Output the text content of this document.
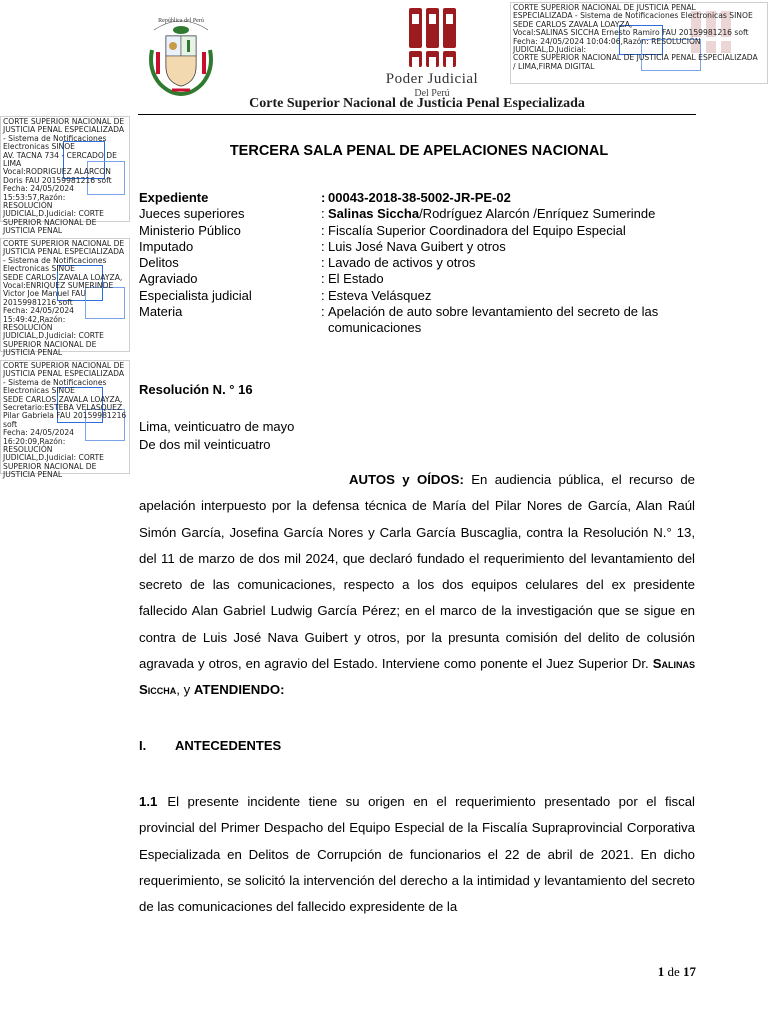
República del Perú
Poder Judicial
Del Perú
CORTE SUPERIOR NACIONAL DE JUSTICIA PENAL
ESPECIALIZADA - Sistema de Notificaciones Electronicas SINOE
SEDE CARLOS ZAVALA LOAYZA,
Vocal:SALINAS SICCHA Ernesto Ramiro FAU 20159981216 soft
Fecha: 24/05/2024 10:04:06,Razón: RESOLUCIÓN JUDICIAL,D.Judicial:
CORTE SUPERIOR NACIONAL DE JUSTICIA PENAL ESPECIALIZADA
/ LIMA,FIRMA DIGITAL
Corte Superior Nacional de Justicia Penal Especializada
CORTE SUPERIOR NACIONAL DE
JUSTICIA PENAL ESPECIALIZADA
- Sistema de Notificaciones
Electronicas SINOE
AV. TACNA 734 - CERCADO DE
LIMA
Vocal:RODRIGUEZ ALARCON
Doris FAU 20159981216 soft
Fecha: 24/05/2024 15:53:57,Razón:
RESOLUCIÓN
JUDICIAL,D.Judicial: CORTE
SUPERIOR NACIONAL DE
JUSTICIA PENAL
CORTE SUPERIOR NACIONAL DE
JUSTICIA PENAL ESPECIALIZADA
- Sistema de Notificaciones
Electronicas SINOE
SEDE CARLOS ZAVALA LOAYZA,
Vocal:ENRIQUEZ SUMERINDE
Victor Joe Manuel FAU
20159981216 soft
Fecha: 24/05/2024 15:49:42,Razón:
RESOLUCIÓN
JUDICIAL,D.Judicial: CORTE
SUPERIOR NACIONAL DE
JUSTICIA PENAL
CORTE SUPERIOR NACIONAL DE
JUSTICIA PENAL ESPECIALIZADA
- Sistema de Notificaciones
Electronicas SINOE
SEDE CARLOS ZAVALA LOAYZA,
Secretario:ESTEBA VELASQUEZ
Pilar Gabriela FAU 20159981216
soft
Fecha: 24/05/2024 16:20:09,Razón:
RESOLUCIÓN
JUDICIAL,D.Judicial: CORTE
SUPERIOR NACIONAL DE
JUSTICIA PENAL
TERCERA SALA PENAL DE APELACIONES NACIONAL
Expediente	: 00043-2018-38-5002-JR-PE-02
Jueces superiores	: Salinas Siccha/Rodríguez Alarcón /Enríquez Sumerinde
Ministerio Público	: Fiscalía Superior Coordinadora del Equipo Especial
Imputado	: Luis José Nava Guibert y otros
Delitos	: Lavado de activos y otros
Agraviado	: El Estado
Especialista judicial	: Esteva Velásquez
Materia	: Apelación de auto sobre levantamiento del secreto de las comunicaciones
Resolución N. ° 16
Lima, veinticuatro de mayo
De dos mil veinticuatro
AUTOS y OÍDOS: En audiencia pública, el recurso de apelación interpuesto por la defensa técnica de María del Pilar Nores de García, Alan Raúl Simón García, Josefina García Nores y Carla García Buscaglia, contra la Resolución N.° 13, del 11 de marzo de dos mil 2024, que declaró fundado el requerimiento del levantamiento del secreto de las comunicaciones, respecto a los dos equipos celulares del ex presidente fallecido Alan Gabriel Ludwig García Pérez; en el marco de la investigación que se sigue en contra de Luis José Nava Guibert y otros, por la presunta comisión del delito de colusión agravada y otros, en agravio del Estado. Interviene como ponente el Juez Superior Dr. Salinas Siccha, y ATENDIENDO:
I. ANTECEDENTES
1.1 El presente incidente tiene su origen en el requerimiento presentado por el fiscal provincial del Primer Despacho del Equipo Especial de la Fiscalía Supraprovincial Corporativa Especializada en Delitos de Corrupción de funcionarios el 22 de abril de 2021. En dicho requerimiento, se solicitó la intervención del derecho a la intimidad y levantamiento del secreto de las comunicaciones del fallecido expresidente de la
1 de 17
